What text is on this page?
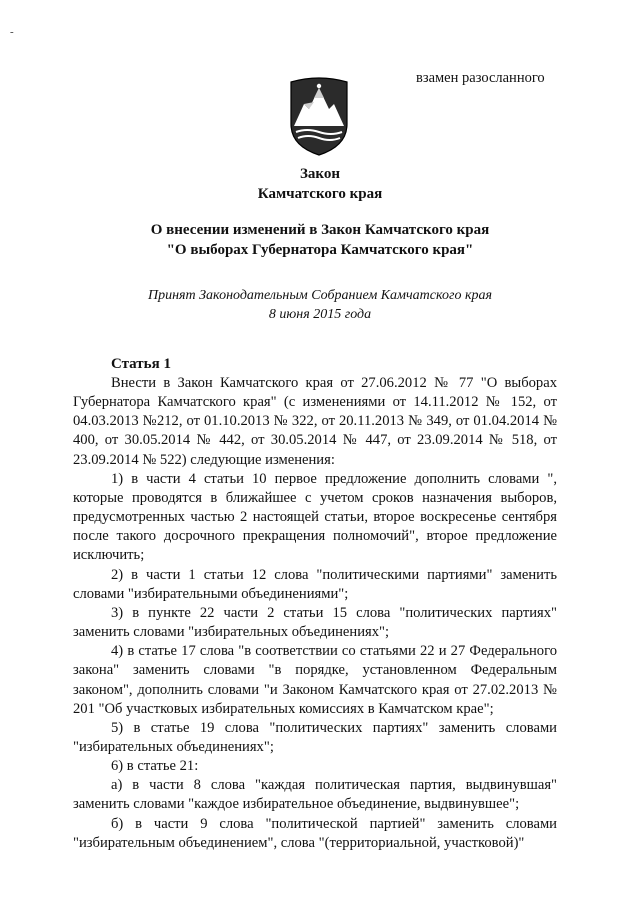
-
взамен разосланного
Закон
Камчатского края
О внесении изменений в Закон Камчатского края
"О выборах Губернатора Камчатского края"
Принят Законодательным Собранием Камчатского края
8 июня 2015 года
Статья 1

Внести в Закон Камчатского края от 27.06.2012 № 77 "О выборах Губернатора Камчатского края" (с изменениями от 14.11.2012 № 152, от 04.03.2013 №212, от 01.10.2013 № 322, от 20.11.2013 № 349, от 01.04.2014 № 400, от 30.05.2014 № 442, от 30.05.2014 № 447, от 23.09.2014 № 518, от 23.09.2014 № 522) следующие изменения:

1) в части 4 статьи 10 первое предложение дополнить словами ", которые проводятся в ближайшее с учетом сроков назначения выборов, предусмотренных частью 2 настоящей статьи, второе воскресенье сентября после такого досрочного прекращения полномочий", второе предложение исключить;

2) в части 1 статьи 12 слова "политическими партиями" заменить словами "избирательными объединениями";

3) в пункте 22 части 2 статьи 15 слова "политических партиях" заменить словами "избирательных объединениях";

4) в статье 17 слова "в соответствии со статьями 22 и 27 Федерального закона" заменить словами "в порядке, установленном Федеральным законом", дополнить словами "и Законом Камчатского края от 27.02.2013 № 201 "Об участковых избирательных комиссиях в Камчатском крае";

5) в статье 19 слова "политических партиях" заменить словами "избирательных объединениях";

6) в статье 21:

а) в части 8 слова "каждая политическая партия, выдвинувшая" заменить словами "каждое избирательное объединение, выдвинувшее";

б) в части 9 слова "политической партией" заменить словами "избирательным объединением", слова "(территориальной, участковой)"
